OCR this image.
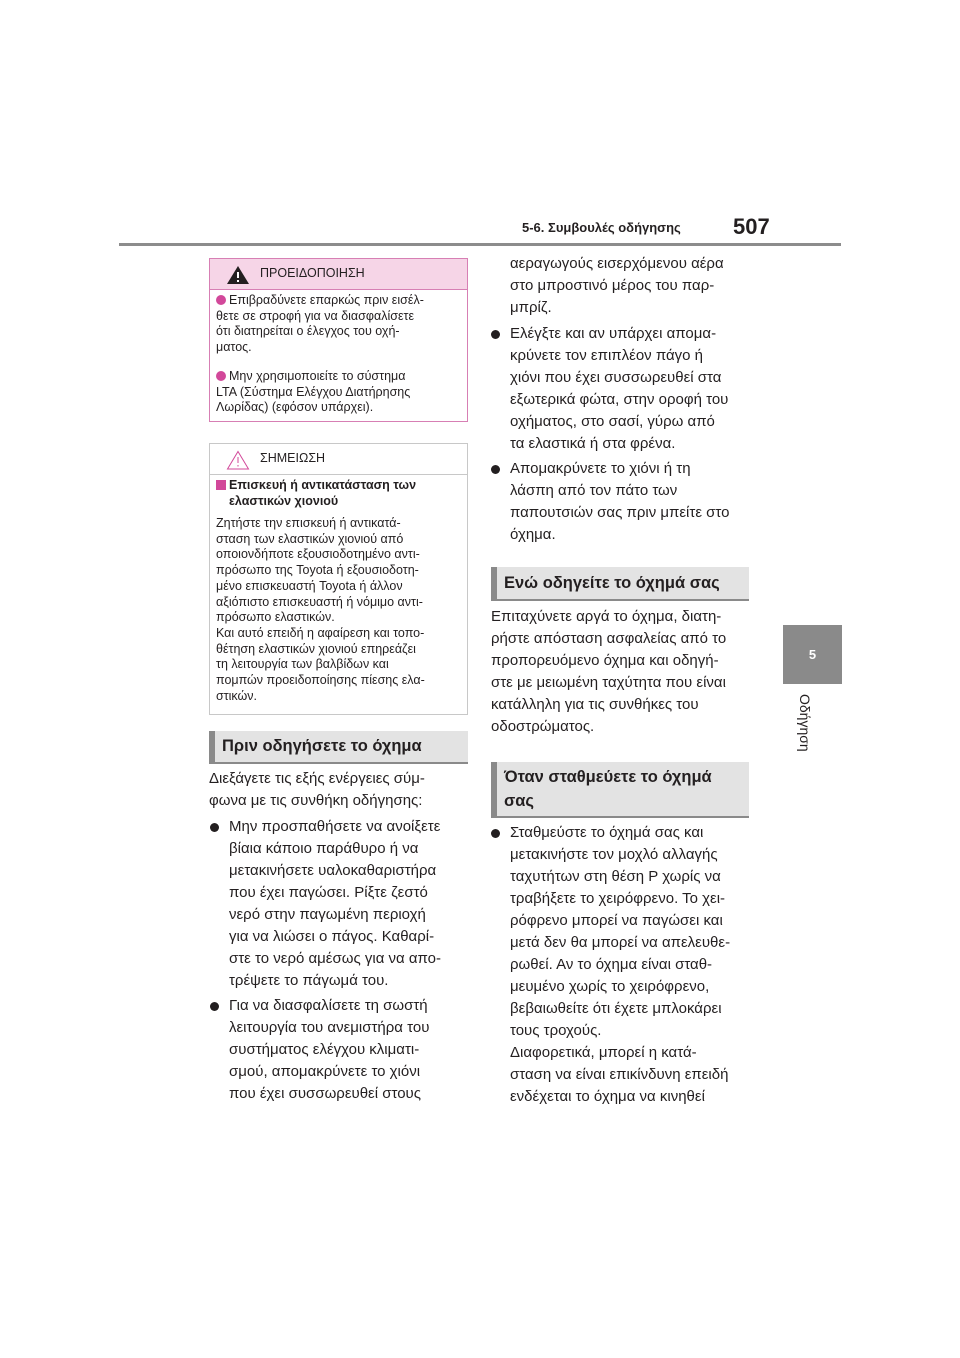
5-6. Συμβουλές οδήγησης 507
5
Οδήγηση
ΠΡΟΕΙΔΟΠΟΙΗΣΗ
Επιβραδύνετε επαρκώς πριν εισέλ-
θετε σε στροφή για να διασφαλίσετε
ότι διατηρείται ο έλεγχος του οχή-
ματος.
Μην χρησιμοποιείτε το σύστημα
LTA (Σύστημα Ελέγχου Διατήρησης
Λωρίδας) (εφόσον υπάρχει).
ΣΗΜΕΙΩΣΗ
Επισκευή ή αντικατάσταση των
ελαστικών χιονιού
Ζητήστε την επισκευή ή αντικατά-
σταση των ελαστικών χιονιού από
οποιονδήποτε εξουσιοδοτημένο αντι-
πρόσωπο της Toyota ή εξουσιοδοτη-
μένο επισκευαστή Toyota ή άλλον
αξιόπιστο επισκευαστή ή νόμιμο αντι-
πρόσωπο ελαστικών.
Και αυτό επειδή η αφαίρεση και τοπο-
θέτηση ελαστικών χιονιού επηρεάζει
τη λειτουργία των βαλβίδων και
πομπών προειδοποίησης πίεσης ελα-
στικών.
Πριν οδηγήσετε το όχημα
Διεξάγετε τις εξής ενέργειες σύμ-
φωνα με τις συνθήκη οδήγησης:
Μην προσπαθήσετε να ανοίξετε
βίαια κάποιο παράθυρο ή να
μετακινήσετε υαλοκαθαριστήρα
που έχει παγώσει. Ρίξτε ζεστό
νερό στην παγωμένη περιοχή
για να λιώσει ο πάγος. Καθαρί-
στε το νερό αμέσως για να απο-
τρέψετε το πάγωμά του.
Για να διασφαλίσετε τη σωστή
λειτουργία του ανεμιστήρα του
συστήματος ελέγχου κλιματι-
σμού, απομακρύνετε το χιόνι
που έχει συσσωρευθεί στους
αεραγωγούς εισερχόμενου αέρα
στο μπροστινό μέρος του παρ-
μπρίζ.
Ελέγξτε και αν υπάρχει απομα-
κρύνετε τον επιπλέον πάγο ή
χιόνι που έχει συσσωρευθεί στα
εξωτερικά φώτα, στην οροφή του
οχήματος, στο σασί, γύρω από
τα ελαστικά ή στα φρένα.
Απομακρύνετε το χιόνι ή τη
λάσπη από τον πάτο των
παπουτσιών σας πριν μπείτε στο
όχημα.
Ενώ οδηγείτε το όχημά σας
Επιταχύνετε αργά το όχημα, διατη-
ρήστε απόσταση ασφαλείας από το
προπορευόμενο όχημα και οδηγή-
στε με μειωμένη ταχύτητα που είναι
κατάλληλη για τις συνθήκες του
οδοστρώματος.
Όταν σταθμεύετε το όχημά
σας
Σταθμεύστε το όχημά σας και
μετακινήστε τον μοχλό αλλαγής
ταχυτήτων στη θέση P χωρίς να
τραβήξετε το χειρόφρενο. Το χει-
ρόφρενο μπορεί να παγώσει και
μετά δεν θα μπορεί να απελευθε-
ρωθεί. Αν το όχημα είναι σταθ-
μευμένο χωρίς το χειρόφρενο,
βεβαιωθείτε ότι έχετε μπλοκάρει
τους τροχούς.
Διαφορετικά, μπορεί η κατά-
σταση να είναι επικίνδυνη επειδή
ενδέχεται το όχημα να κινηθεί
